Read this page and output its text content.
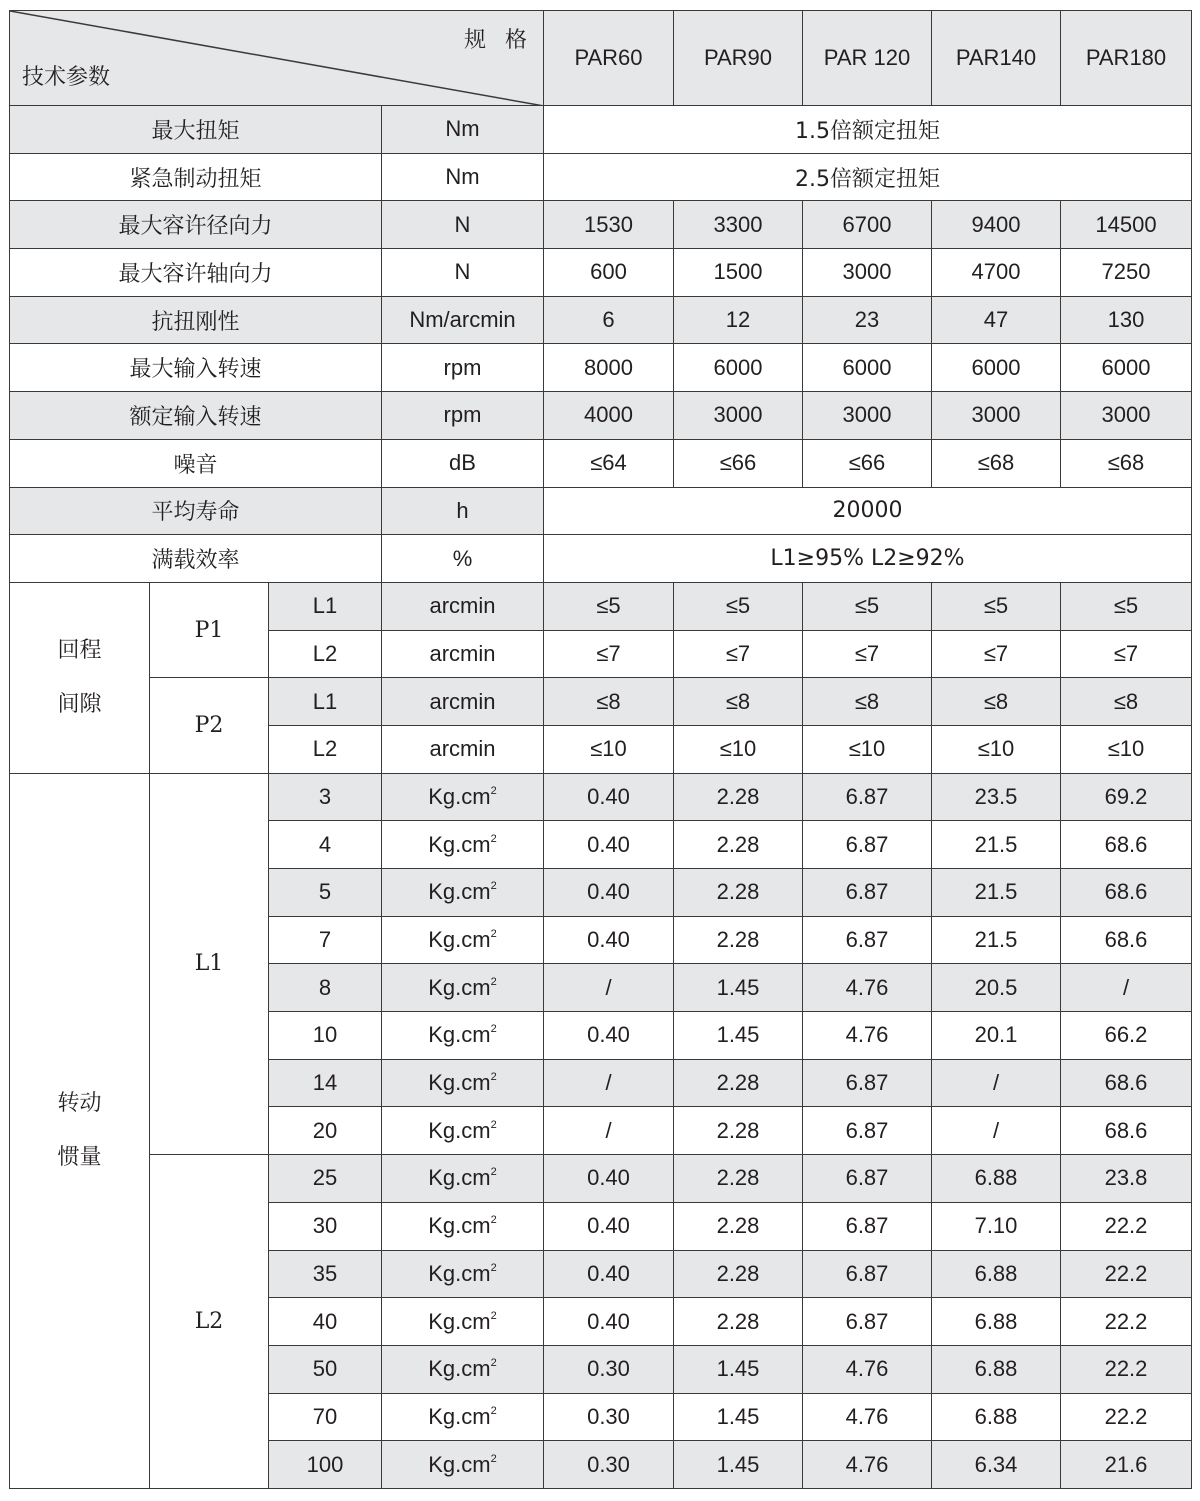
规 格
技术参数				PAR60	PAR90	PAR 120	PAR140	PAR180
最大扭矩			Nm	1.5倍额定扭矩				
紧急制动扭矩			Nm	2.5倍额定扭矩				
最大容许径向力			N	1530	3300	6700	9400	14500
最大容许轴向力			N	600	1500	3000	4700	7250
抗扭刚性			Nm/arcmin	6	12	23	47	130
最大输入转速			rpm	8000	6000	6000	6000	6000
额定输入转速			rpm	4000	3000	3000	3000	3000
噪音			dB	≤64	≤66	≤66	≤68	≤68
平均寿命			h	20000				
满载效率			%	L1≥95% L2≥92%				

回程
间隙	P1	L1	arcmin	≤5	≤5	≤5	≤5	≤5
		L2	arcmin	≤7	≤7	≤7	≤7	≤7
	P2	L1	arcmin	≤8	≤8	≤8	≤8	≤8
		L2	arcmin	≤10	≤10	≤10	≤10	≤10

转动
惯量	L1	3	$Kg.cm^2$	0.40	2.28	6.87	23.5	69.2
		4	$Kg.cm^2$	0.40	2.28	6.87	21.5	68.6
		5	$Kg.cm^2$	0.40	2.28	6.87	21.5	68.6
		7	$Kg.cm^2$	0.40	2.28	6.87	21.5	68.6
		8	$Kg.cm^2$	/	1.45	4.76	20.5	/
		10	$Kg.cm^2$	0.40	1.45	4.76	20.1	66.2
		14	$Kg.cm^2$	/	2.28	6.87	/	68.6
		20	$Kg.cm^2$	/	2.28	6.87	/	68.6
	L2	25	$Kg.cm^2$	0.40	2.28	6.87	6.88	23.8
		30	$Kg.cm^2$	0.40	2.28	6.87	7.10	22.2
		35	$Kg.cm^2$	0.40	2.28	6.87	6.88	22.2
		40	$Kg.cm^2$	0.40	2.28	6.87	6.88	22.2
		50	$Kg.cm^2$	0.30	1.45	4.76	6.88	22.2
		70	$Kg.cm^2$	0.30	1.45	4.76	6.88	22.2
		100	$Kg.cm^2$	0.30	1.45	4.76	6.34	21.6
